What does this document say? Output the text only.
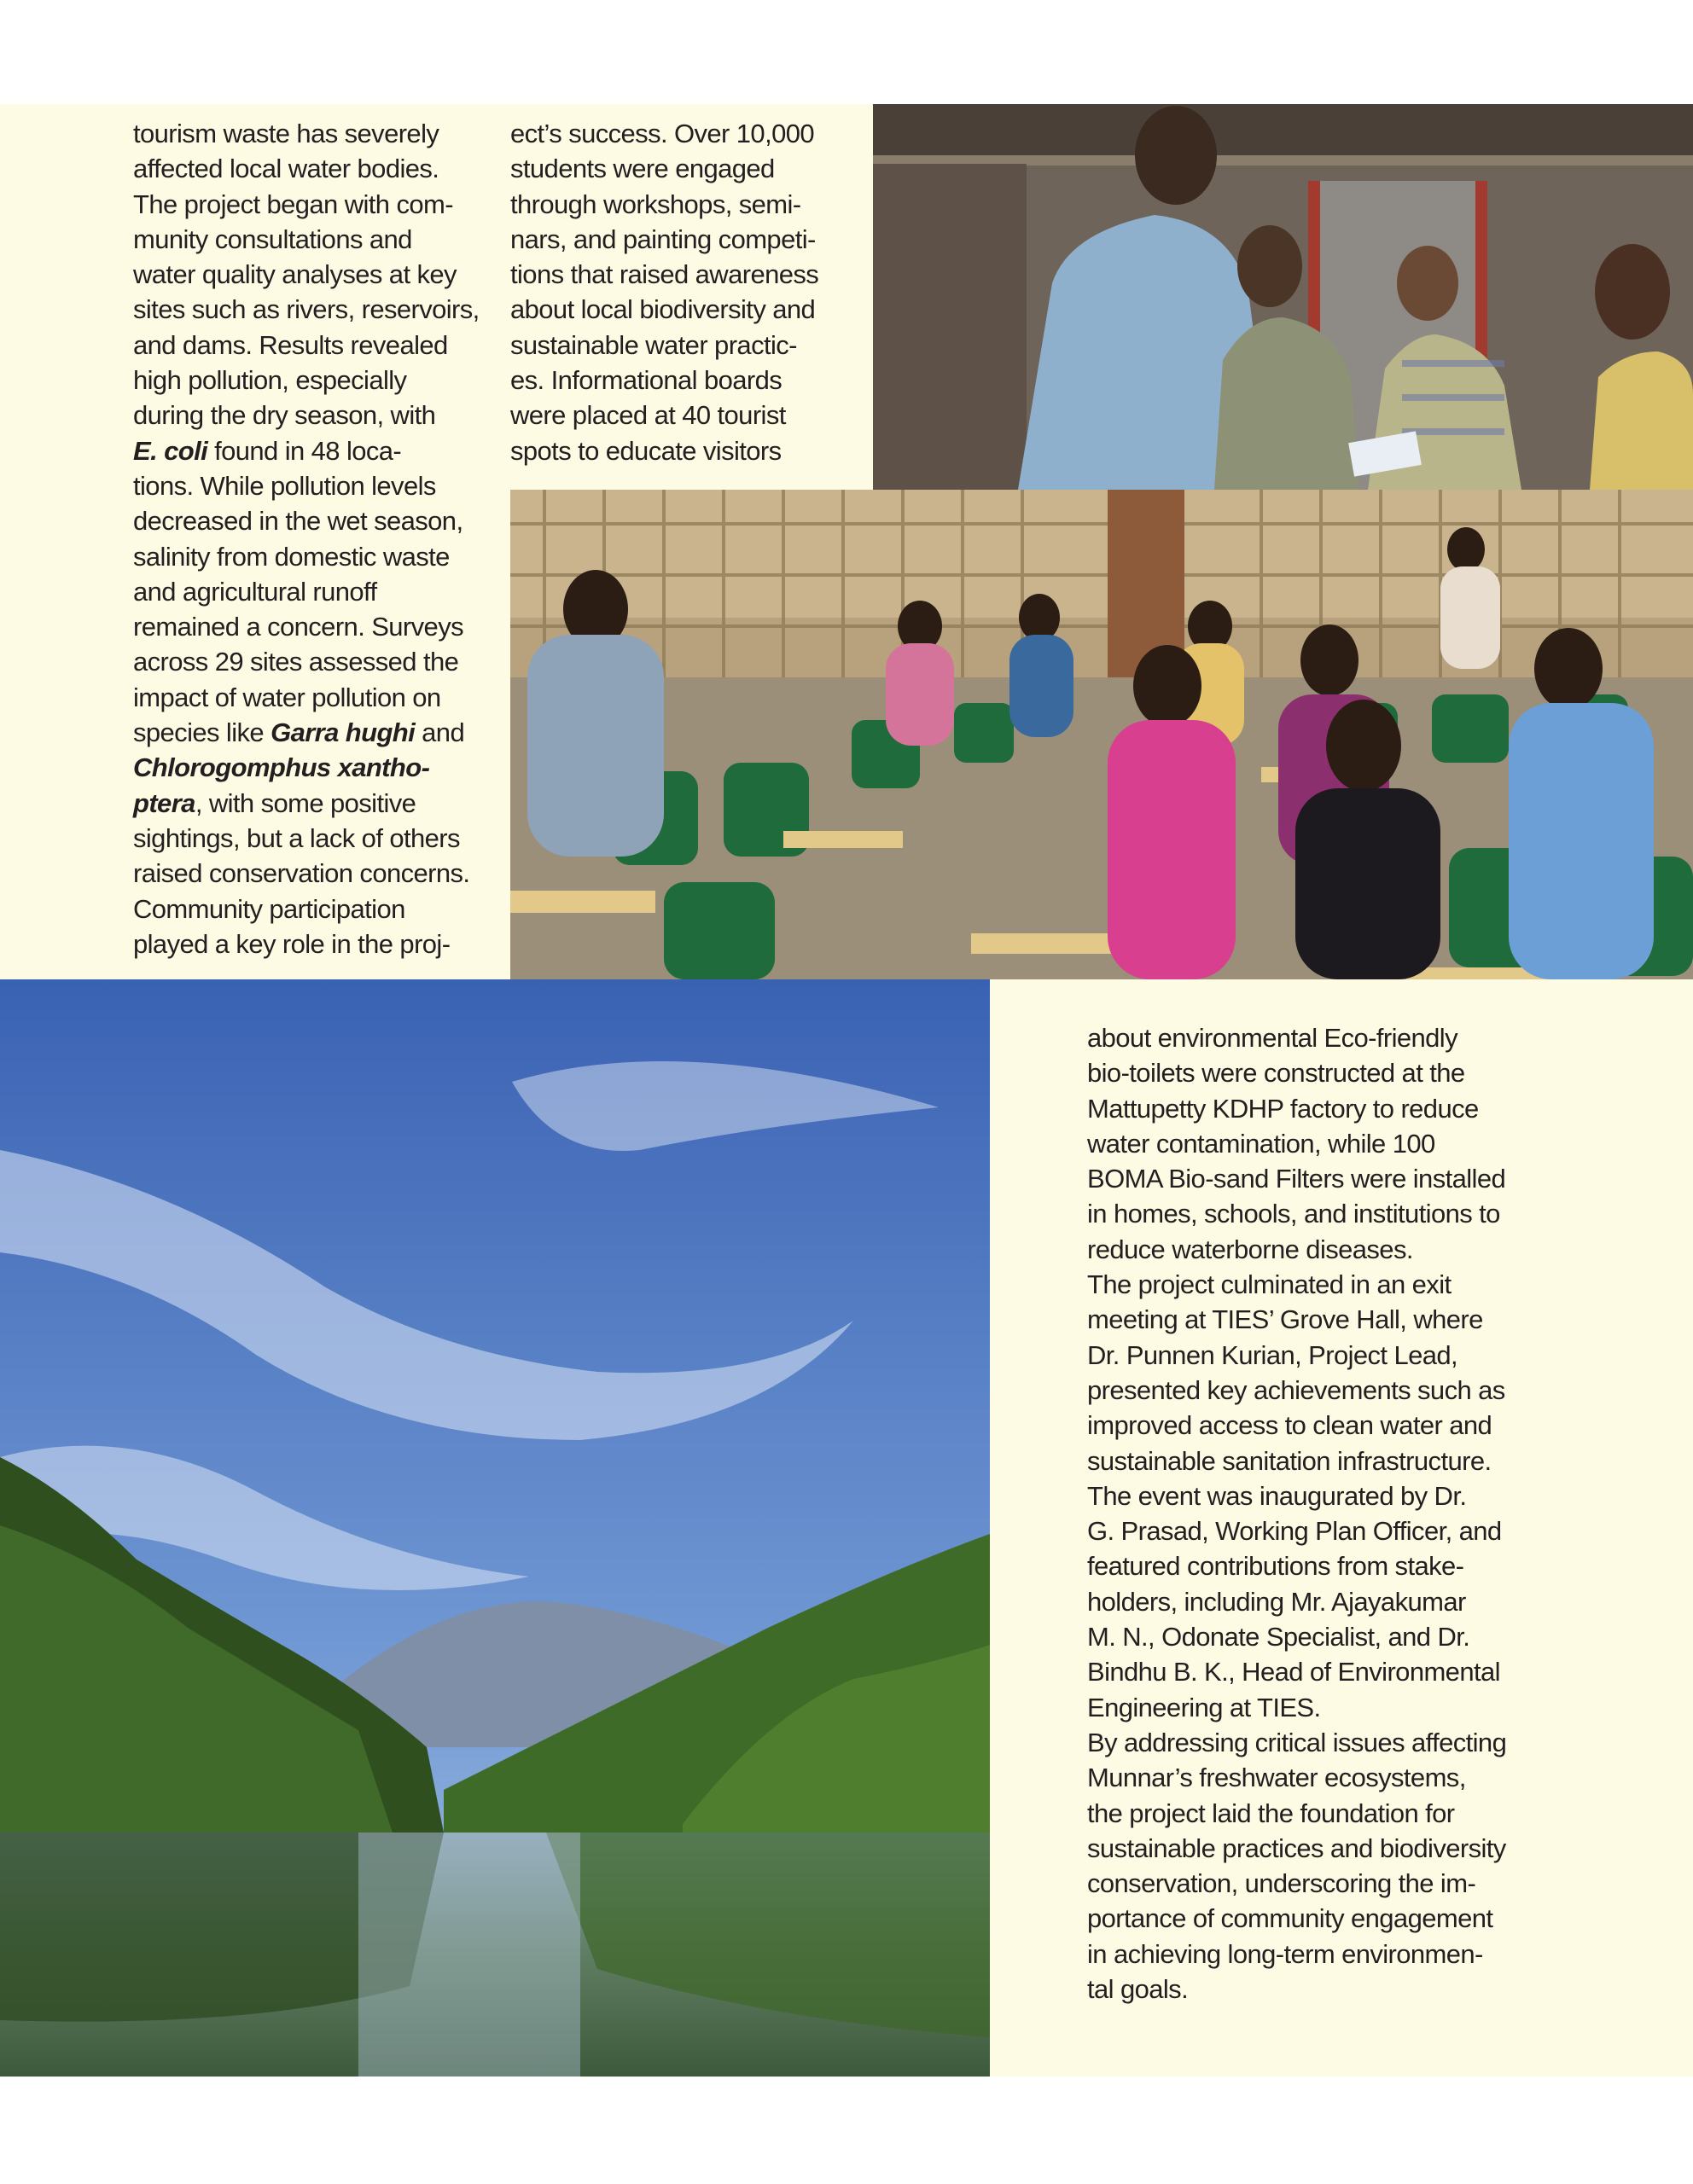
tourism waste has severely
affected local water bodies.
The project began with com-
munity consultations and
water quality analyses at key
sites such as rivers, reservoirs,
and dams. Results revealed
high pollution, especially
during the dry season, with
E. coli found in 48 loca-
tions. While pollution levels
decreased in the wet season,
salinity from domestic waste
and agricultural runoff
remained a concern. Surveys
across 29 sites assessed the
impact of water pollution on
species like Garra hughi and
Chlorogomphus xantho-
ptera, with some positive
sightings, but a lack of others
raised conservation concerns.
Community participation
played a key role in the proj-
ect’s success. Over 10,000
students were engaged
through workshops, semi-
nars, and painting competi-
tions that raised awareness
about local biodiversity and
sustainable water practic-
es. Informational boards
were placed at 40 tourist
spots to educate visitors
about environmental Eco-friendly
bio-toilets were constructed at the
Mattupetty KDHP factory to reduce
water contamination, while 100
BOMA Bio-sand Filters were installed
in homes, schools, and institutions to
reduce waterborne diseases.
The project culminated in an exit
meeting at TIES’ Grove Hall, where
Dr. Punnen Kurian, Project Lead,
presented key achievements such as
improved access to clean water and
sustainable sanitation infrastructure.
The event was inaugurated by Dr.
G. Prasad, Working Plan Officer, and
featured contributions from stake-
holders, including Mr. Ajayakumar
M. N., Odonate Specialist, and Dr.
Bindhu B. K., Head of Environmental
Engineering at TIES.
By addressing critical issues affecting
Munnar’s freshwater ecosystems,
the project laid the foundation for
sustainable practices and biodiversity
conservation, underscoring the im-
portance of community engagement
in achieving long-term environmen-
tal goals.
